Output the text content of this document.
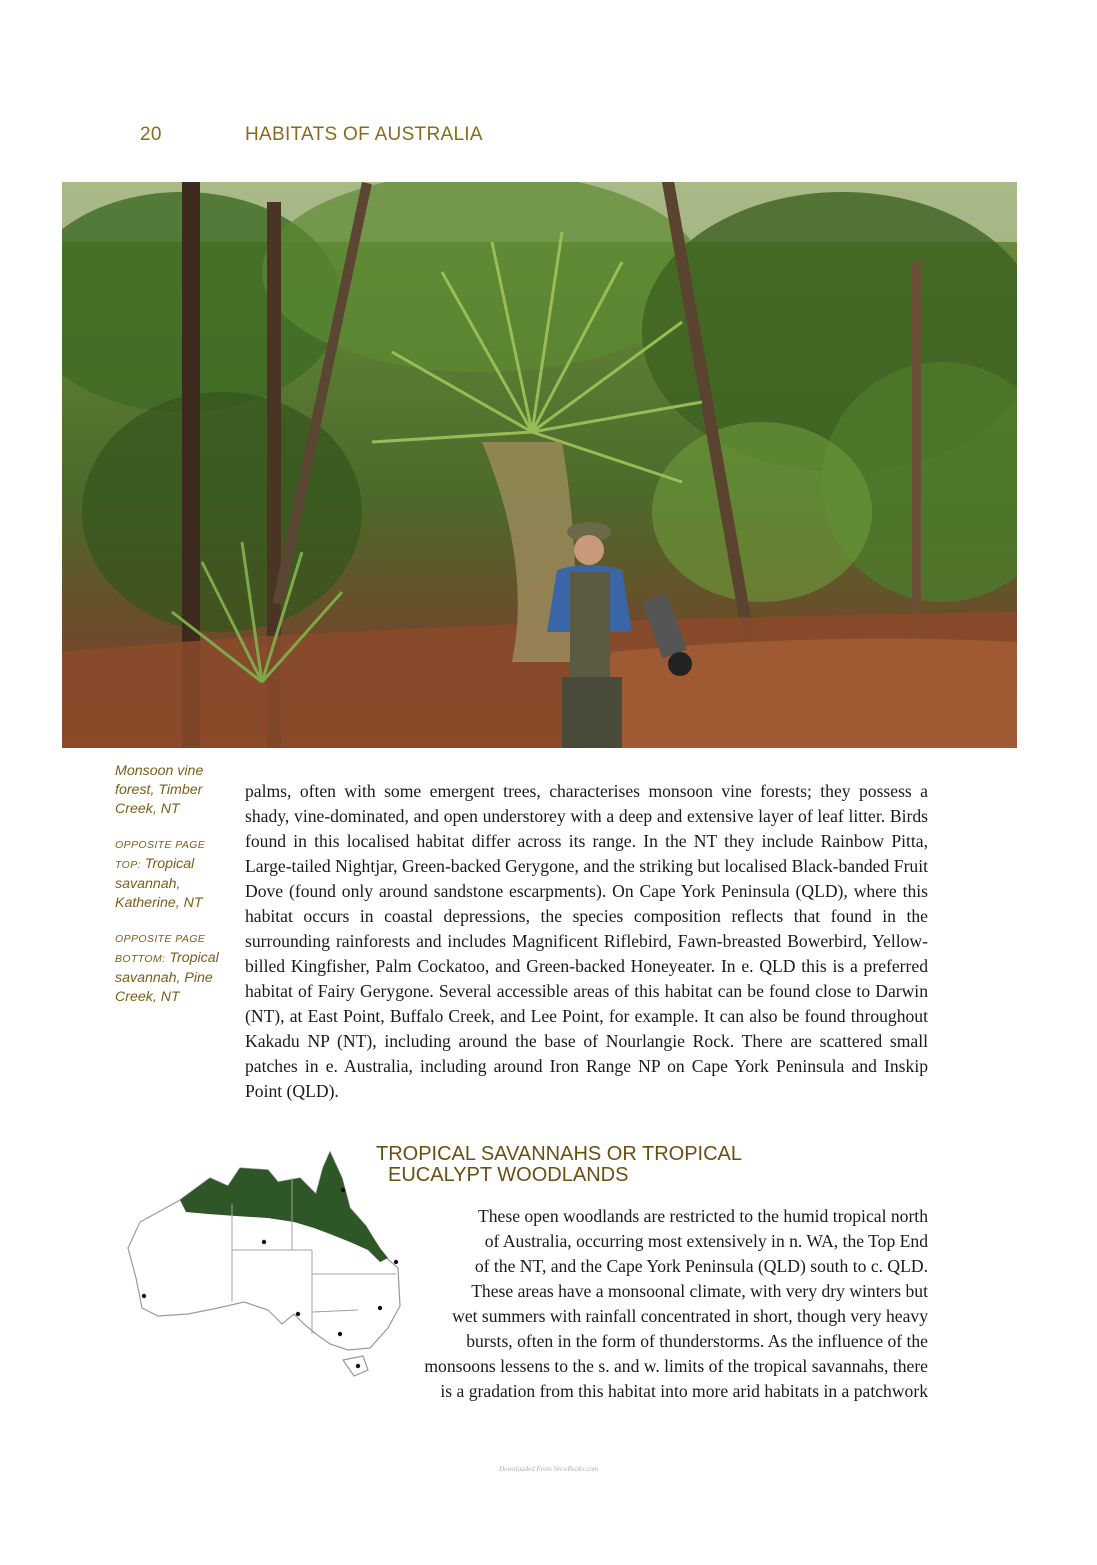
20	HABITATS OF AUSTRALIA

Monsoon vine forest, Timber Creek, NT

OPPOSITE PAGE TOP: Tropical savannah, Katherine, NT

OPPOSITE PAGE BOTTOM: Tropical savannah, Pine Creek, NT

palms, often with some emergent trees, characterises monsoon vine forests; they possess a shady, vine-dominated, and open understorey with a deep and extensive layer of leaf litter. Birds found in this localised habitat differ across its range. In the NT they include Rainbow Pitta, Large-tailed Nightjar, Green-backed Gerygone, and the striking but localised Black-banded Fruit Dove (found only around sandstone escarpments). On Cape York Peninsula (QLD), where this habitat occurs in coastal depressions, the species composition reflects that found in the surrounding rainforests and includes Magnificent Riflebird, Fawn-breasted Bowerbird, Yellow-billed Kingfisher, Palm Cockatoo, and Green-backed Honeyeater. In e. QLD this is a preferred habitat of Fairy Gerygone. Several accessible areas of this habitat can be found close to Darwin (NT), at East Point, Buffalo Creek, and Lee Point, for example. It can also be found throughout Kakadu NP (NT), including around the base of Nourlangie Rock. There are scattered small patches in e. Australia, including around Iron Range NP on Cape York Peninsula and Inskip Point (QLD).

TROPICAL SAVANNAHS OR TROPICAL
EUCALYPT WOODLANDS

These open woodlands are restricted to the humid tropical north
of Australia, occurring most extensively in n. WA, the Top End
of the NT, and the Cape York Peninsula (QLD) south to c. QLD.
These areas have a monsoonal climate, with very dry winters but
wet summers with rainfall concentrated in short, though very heavy
bursts, often in the form of thunderstorms. As the influence of the
monsoons lessens to the s. and w. limits of the tropical savannahs, there
is a gradation from this habitat into more arid habitats in a patchwork

Downloaded From Vet-eBooks.com
